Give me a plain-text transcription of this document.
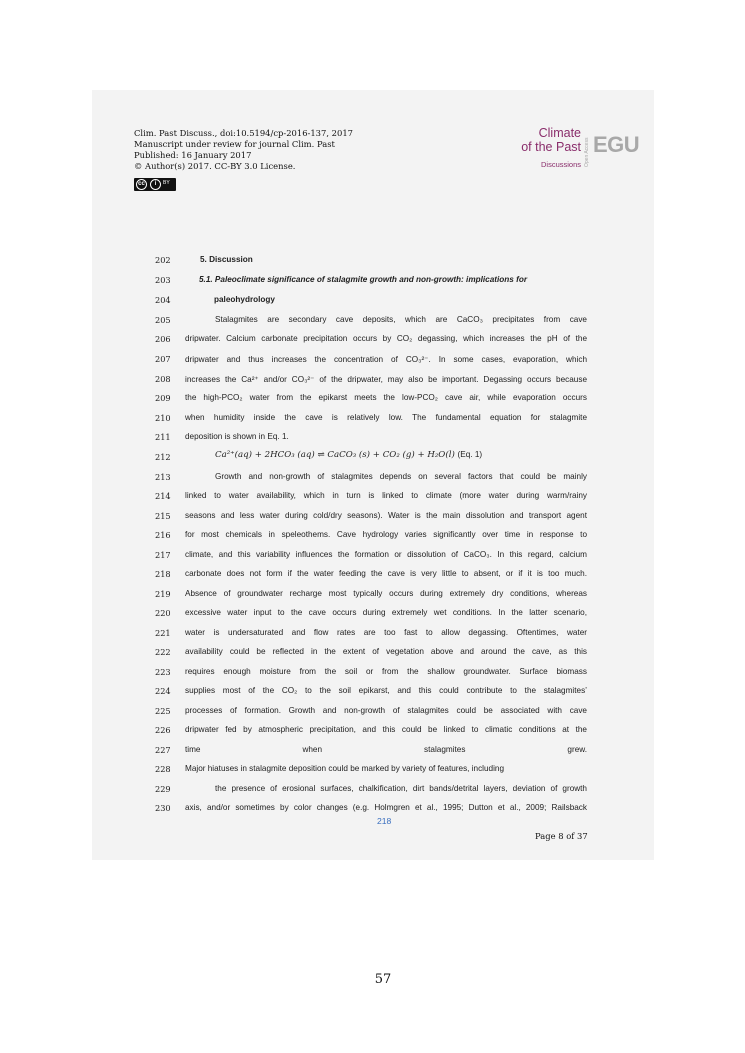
Clim. Past Discuss., doi:10.5194/cp-2016-137, 2017
Manuscript under review for journal Clim. Past
Published: 16 January 2017
© Author(s) 2017. CC-BY 3.0 License.
cc	i	BY
Climate
of the Past
Discussions Open Access EGU
202	5. Discussion
203	5.1. Paleoclimate significance of stalagmite growth and non-growth: implications for
204	paleohydrology
205	Stalagmites are secondary cave deposits, which are CaCO₃ precipitates from cave
206 dripwater. Calcium carbonate precipitation occurs by CO₂ degassing, which increases the pH of the
207 dripwater and thus increases the concentration of CO₃²⁻. In some cases, evaporation, which
208 increases the Ca²⁺ and/or CO₃²⁻ of the dripwater, may also be important. Degassing occurs because
209 the high-PCO₂ water from the epikarst meets the low-PCO₂ cave air, while evaporation occurs
210 when humidity inside the cave is relatively low. The fundamental equation for stalagmite
211 deposition is shown in Eq. 1.
212	Ca²⁺(aq) + 2HCO₃ (aq) ⇌ CaCO₃ (s) + CO₂ (g) + H₂O(l) (Eq. 1)
213	Growth and non-growth of stalagmites depends on several factors that could be mainly
214 linked to water availability, which in turn is linked to climate (more water during warm/rainy
215 seasons and less water during cold/dry seasons). Water is the main dissolution and transport agent
216 for most chemicals in speleothems. Cave hydrology varies significantly over time in response to
217 climate, and this variability influences the formation or dissolution of CaCO₃. In this regard, calcium
218 carbonate does not form if the water feeding the cave is very little to absent, or if it is too much.
219 Absence of groundwater recharge most typically occurs during extremely dry conditions, whereas
220 excessive water input to the cave occurs during extremely wet conditions. In the latter scenario,
221 water is undersaturated and flow rates are too fast to allow degassing. Oftentimes, water
222 availability could be reflected in the extent of vegetation above and around the cave, as this
223 requires enough moisture from the soil or from the shallow groundwater. Surface biomass
224 supplies most of the CO₂ to the soil epikarst, and this could contribute to the stalagmites’
225 processes of formation. Growth and non-growth of stalagmites could be associated with cave
226 dripwater fed by atmospheric precipitation, and this could be linked to climatic conditions at the
227 time when stalagmites grew.
228 Major hiatuses in stalagmite deposition could be marked by variety of features, including
229	the presence of erosional surfaces, chalkification, dirt bands/detrital layers, deviation of growth
230 axis, and/or sometimes by color changes (e.g. Holmgren et al., 1995; Dutton et al., 2009; Railsback
218
Page 8 of 37
57
